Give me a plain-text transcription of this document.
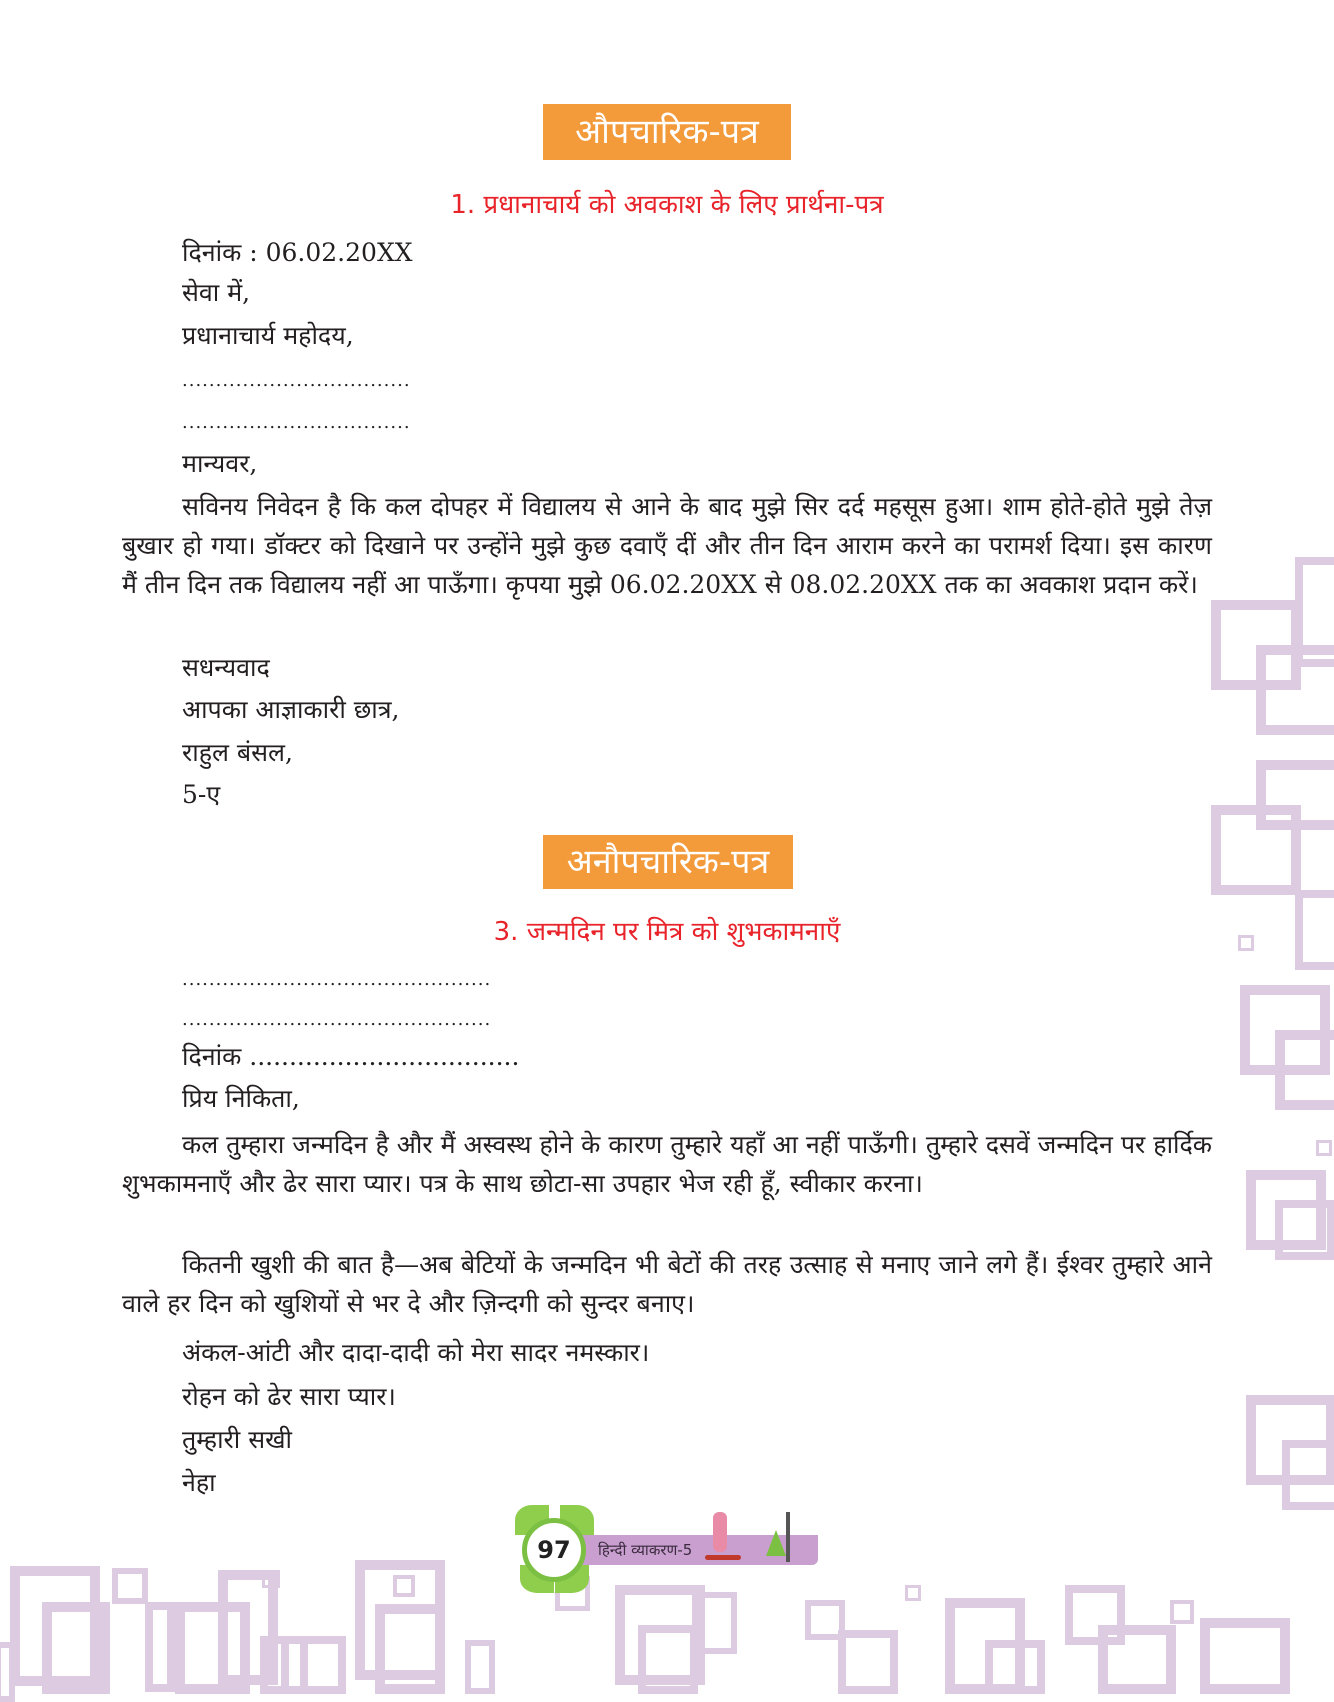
औपचारिक-पत्र
1. प्रधानाचार्य को अवकाश के लिए प्रार्थना-पत्र
दिनांक : 06.02.20XX
सेवा में,
प्रधानाचार्य महोदय,
..................................
..................................
मान्यवर,
सविनय निवेदन है कि कल दोपहर में विद्यालय से आने के बाद मुझे सिर दर्द महसूस हुआ। शाम होते-होते मुझे तेज़ बुखार हो गया। डॉक्टर को दिखाने पर उन्होंने मुझे कुछ दवाएँ दीं और तीन दिन आराम करने का परामर्श दिया। इस कारण मैं तीन दिन तक विद्यालय नहीं आ पाऊँगा। कृपया मुझे 06.02.20XX से 08.02.20XX तक का अवकाश प्रदान करें।
सधन्यवाद
आपका आज्ञाकारी छात्र,
राहुल बंसल,
5-ए
अनौपचारिक-पत्र
3. जन्मदिन पर मित्र को शुभकामनाएँ
..............................................
..............................................
दिनांक ..................................
प्रिय निकिता,
कल तुम्हारा जन्मदिन है और मैं अस्वस्थ होने के कारण तुम्हारे यहाँ आ नहीं पाऊँगी। तुम्हारे दसवें जन्मदिन पर हार्दिक शुभकामनाएँ और ढेर सारा प्यार। पत्र के साथ छोटा-सा उपहार भेज रही हूँ, स्वीकार करना।
कितनी खुशी की बात है—अब बेटियों के जन्मदिन भी बेटों की तरह उत्साह से मनाए जाने लगे हैं। ईश्वर तुम्हारे आने वाले हर दिन को खुशियों से भर दे और ज़िन्दगी को सुन्दर बनाए।
अंकल-आंटी और दादा-दादी को मेरा सादर नमस्कार।
रोहन को ढेर सारा प्यार।
तुम्हारी सखी
नेहा
97	हिन्दी व्याकरण-5
